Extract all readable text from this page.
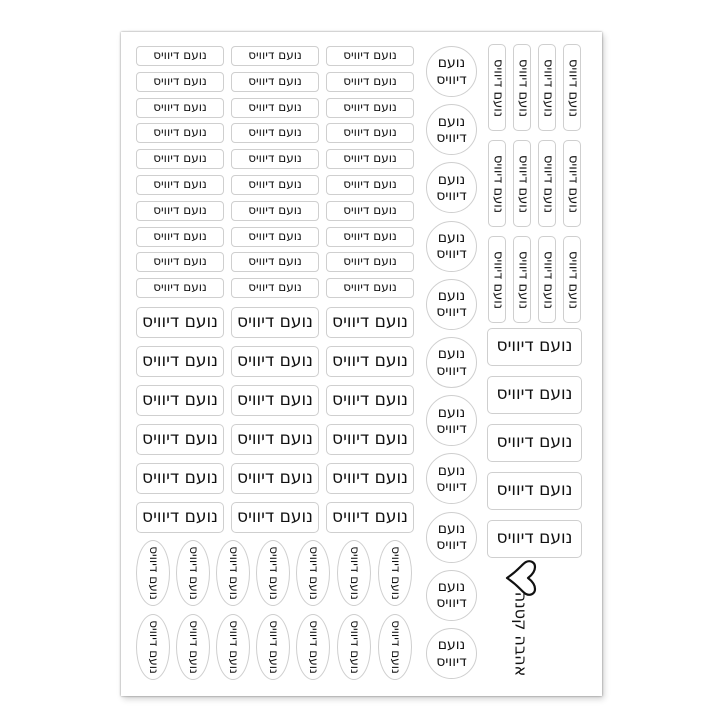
נועם דיוויס	נועם דיוויס	נועם דיוויס
נועם דיוויס	נועם דיוויס	נועם דיוויס
נועם דיוויס	נועם דיוויס	נועם דיוויס
נועם דיוויס	נועם דיוויס	נועם דיוויס
נועם דיוויס	נועם דיוויס	נועם דיוויס
נועם דיוויס	נועם דיוויס	נועם דיוויס
נועם דיוויס	נועם דיוויס	נועם דיוויס
נועם דיוויס	נועם דיוויס	נועם דיוויס
נועם דיוויס	נועם דיוויס	נועם דיוויס
נועם דיוויס	נועם דיוויס	נועם דיוויס
נועם דיוויס	נועם דיוויס	נועם דיוויס
נועם דיוויס	נועם דיוויס	נועם דיוויס
נועם דיוויס	נועם דיוויס	נועם דיוויס
נועם דיוויס	נועם דיוויס	נועם דיוויס
נועם דיוויס	נועם דיוויס	נועם דיוויס
נועם דיוויס	נועם דיוויס	נועם דיוויס
נועם
דיוויס
נועם
דיוויס
נועם
דיוויס
נועם
דיוויס
נועם
דיוויס
נועם
דיוויס
נועם
דיוויס
נועם
דיוויס
נועם
דיוויס
נועם
דיוויס
נועם
דיוויס
נועם דיוויס נועם דיוויס נועם דיוויס נועם דיוויס
נועם דיוויס נועם דיוויס נועם דיוויס נועם דיוויס
נועם דיוויס נועם דיוויס נועם דיוויס נועם דיוויס
נועם דיוויס
נועם דיוויס
נועם דיוויס
נועם דיוויס
נועם דיוויס
נועם דיוויס נועם דיוויס נועם דיוויס נועם דיוויס נועם דיוויס נועם דיוויס נועם דיוויס
נועם דיוויס נועם דיוויס נועם דיוויס נועם דיוויס נועם דיוויס נועם דיוויס נועם דיוויס	אהבה קטנה
